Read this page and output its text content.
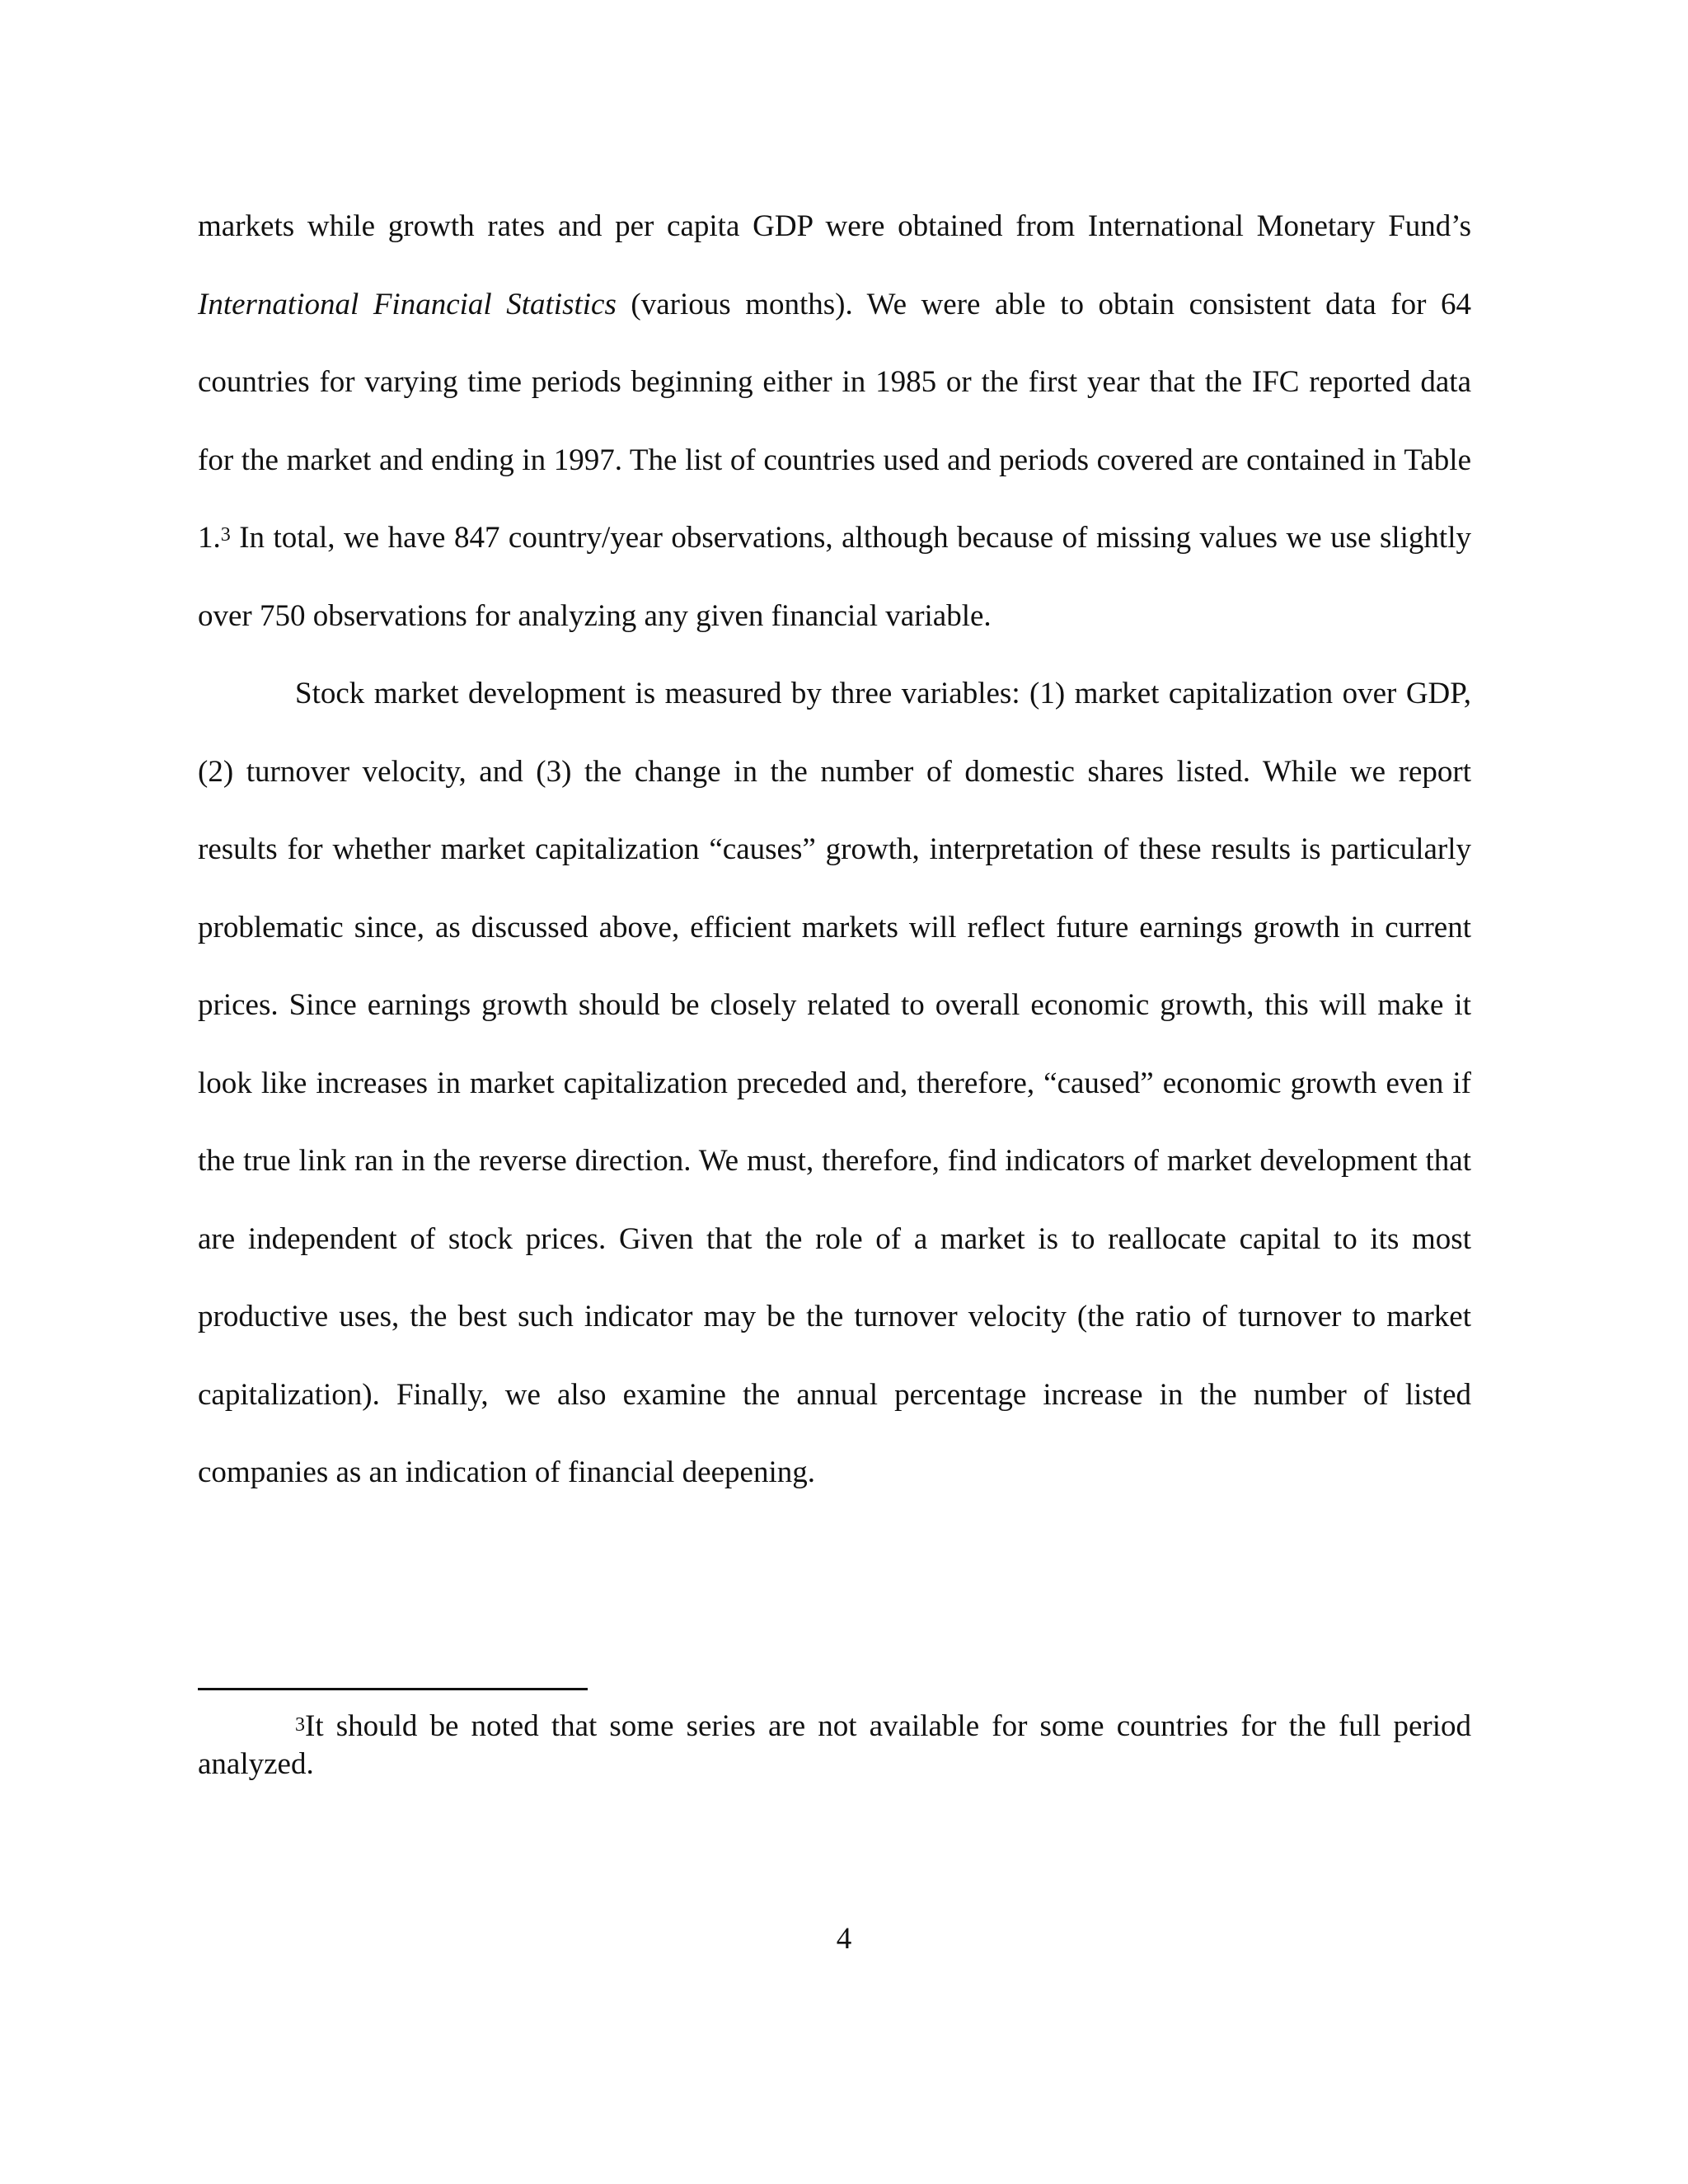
markets while growth rates and per capita GDP were obtained from International Monetary Fund’s International Financial Statistics (various months). We were able to obtain consistent data for 64 countries for varying time periods beginning either in 1985 or the first year that the IFC reported data for the market and ending in 1997. The list of countries used and periods covered are contained in Table 1.$^3$ In total, we have 847 country/year observations, although because of missing values we use slightly over 750 observations for analyzing any given financial variable.

Stock market development is measured by three variables: (1) market capitalization over GDP, (2) turnover velocity, and (3) the change in the number of domestic shares listed. While we report results for whether market capitalization “causes” growth, interpretation of these results is particularly problematic since, as discussed above, efficient markets will reflect future earnings growth in current prices. Since earnings growth should be closely related to overall economic growth, this will make it look like increases in market capitalization preceded and, therefore, “caused” economic growth even if the true link ran in the reverse direction. We must, therefore, find indicators of market development that are independent of stock prices. Given that the role of a market is to reallocate capital to its most productive uses, the best such indicator may be the turnover velocity (the ratio of turnover to market capitalization). Finally, we also examine the annual percentage increase in the number of listed companies as an indication of financial deepening.

$^3$It should be noted that some series are not available for some countries for the full period analyzed.

4
